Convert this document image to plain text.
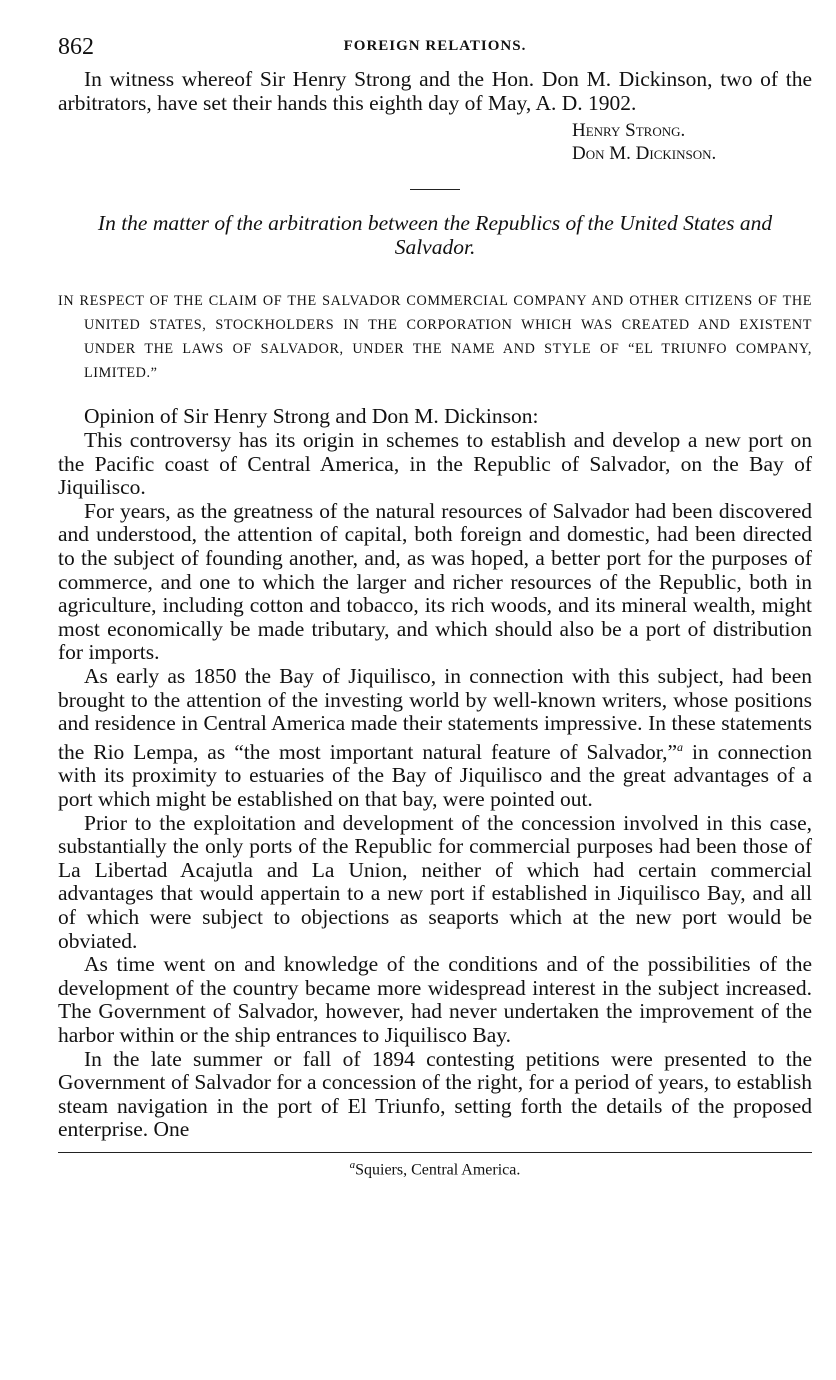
862	FOREIGN RELATIONS.

In witness whereof Sir Henry Strong and the Hon. Don M. Dickinson, two of the arbitrators, have set their hands this eighth day of May, A. D. 1902.

Henry Strong.
Don M. Dickinson.

In the matter of the arbitration between the Republics of the United States and Salvador.

IN RESPECT OF THE CLAIM OF THE SALVADOR COMMERCIAL COMPANY AND OTHER CITIZENS OF THE UNITED STATES, STOCKHOLDERS IN THE CORPORATION WHICH WAS CREATED AND EXISTENT UNDER THE LAWS OF SALVADOR, UNDER THE NAME AND STYLE OF “EL TRIUNFO COMPANY, LIMITED.”

Opinion of Sir Henry Strong and Don M. Dickinson:

This controversy has its origin in schemes to establish and develop a new port on the Pacific coast of Central America, in the Republic of Salvador, on the Bay of Jiquilisco.

For years, as the greatness of the natural resources of Salvador had been discovered and understood, the attention of capital, both foreign and domestic, had been directed to the subject of founding another, and, as was hoped, a better port for the purposes of commerce, and one to which the larger and richer resources of the Republic, both in agriculture, including cotton and tobacco, its rich woods, and its mineral wealth, might most economically be made tributary, and which should also be a port of distribution for imports.

As early as 1850 the Bay of Jiquilisco, in connection with this subject, had been brought to the attention of the investing world by well-known writers, whose positions and residence in Central America made their statements impressive. In these statements the Rio Lempa, as “the most important natural feature of Salvador,”$^a$ in connection with its proximity to estuaries of the Bay of Jiquilisco and the great advantages of a port which might be established on that bay, were pointed out.

Prior to the exploitation and development of the concession involved in this case, substantially the only ports of the Republic for commercial purposes had been those of La Libertad Acajutla and La Union, neither of which had certain commercial advantages that would appertain to a new port if established in Jiquilisco Bay, and all of which were subject to objections as seaports which at the new port would be obviated.

As time went on and knowledge of the conditions and of the possibilities of the development of the country became more widespread interest in the subject increased. The Government of Salvador, however, had never undertaken the improvement of the harbor within or the ship entrances to Jiquilisco Bay.

In the late summer or fall of 1894 contesting petitions were presented to the Government of Salvador for a concession of the right, for a period of years, to establish steam navigation in the port of El Triunfo, setting forth the details of the proposed enterprise. One

$^a$Squiers, Central America.
